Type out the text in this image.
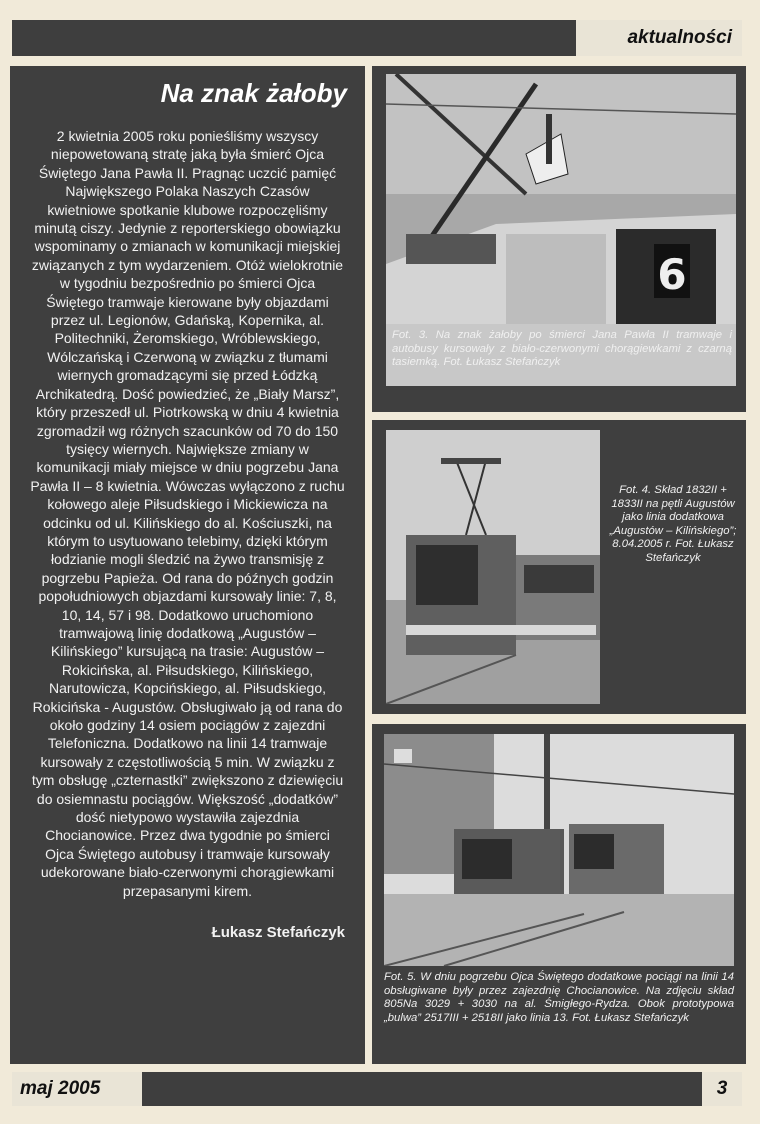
aktualności
Na znak żałoby
2 kwietnia 2005 roku ponieśliśmy wszyscy niepowetowaną stratę jaką była śmierć Ojca Świętego Jana Pawła II. Pragnąc uczcić pamięć Największego Polaka Naszych Czasów kwietniowe spotkanie klubowe rozpoczęliśmy minutą ciszy. Jedynie z reporterskiego obowiązku wspominamy o zmianach w komunikacji miejskiej związanych z tym wydarzeniem. Otóż wielokrotnie w tygodniu bezpośrednio po śmierci Ojca Świętego tramwaje kierowane były objazdami przez ul. Legionów, Gdańską, Kopernika, al. Politechniki, Żeromskiego, Wróblewskiego, Wólczańską i Czerwoną w związku z tłumami wiernych gromadzącymi się przed Łódzką Archikatedrą. Dość powiedzieć, że „Biały Marsz”, który przeszedł ul. Piotrkowską w dniu 4 kwietnia zgromadził wg różnych szacunków od 70 do 150 tysięcy wiernych. Największe zmiany w komunikacji miały miejsce w dniu pogrzebu Jana Pawła II – 8 kwietnia. Wówczas wyłączono z ruchu kołowego aleje Piłsudskiego i Mickiewicza na odcinku od ul. Kilińskiego do al. Kościuszki, na którym to usytuowano telebimy, dzięki którym łodzianie mogli śledzić na żywo transmisję z pogrzebu Papieża. Od rana do późnych godzin popołudniowych objazdami kursowały linie: 7, 8, 10, 14, 57 i 98. Dodatkowo uruchomiono tramwajową linię dodatkową „Augustów – Kilińskiego” kursującą na trasie: Augustów – Rokicińska, al. Piłsudskiego, Kilińskiego, Narutowicza, Kopcińskiego, al. Piłsudskiego, Rokicińska - Augustów. Obsługiwało ją od rana do około godziny 14 osiem pociągów z zajezdni Telefoniczna. Dodatkowo na linii 14 tramwaje kursowały z częstotliwością 5 min. W związku z tym obsługę „czternastki” zwiększono z dziewięciu do osiemnastu pociągów. Większość „dodatków” dość nietypowo wystawiła zajezdnia Chocianowice. Przez dwa tygodnie po śmierci Ojca Świętego autobusy i tramwaje kursowały udekorowane biało-czerwonymi chorągiewkami przepasanymi kirem.
Łukasz Stefańczyk
6
Fot. 3. Na znak żałoby po śmierci Jana Pawła II tramwaje i autobusy kursowały z biało-czerwonymi chorągiewkami z czarną tasiemką. Fot. Łukasz Stefańczyk
Fot. 4. Skład 1832II + 1833II na pętli Augustów jako linia dodatkowa „Augustów – Kilińskiego”; 8.04.2005 r. Fot. Łukasz Stefańczyk
Fot. 5. W dniu pogrzebu Ojca Świętego dodatkowe pociągi na linii 14 obsługiwane były przez zajezdnię Chocianowice. Na zdjęciu skład 805Na 3029 + 3030 na al. Śmigłego-Rydza. Obok prototypowa „bulwa” 2517III + 2518II jako linia 13. Fot. Łukasz Stefańczyk
maj 2005	3
